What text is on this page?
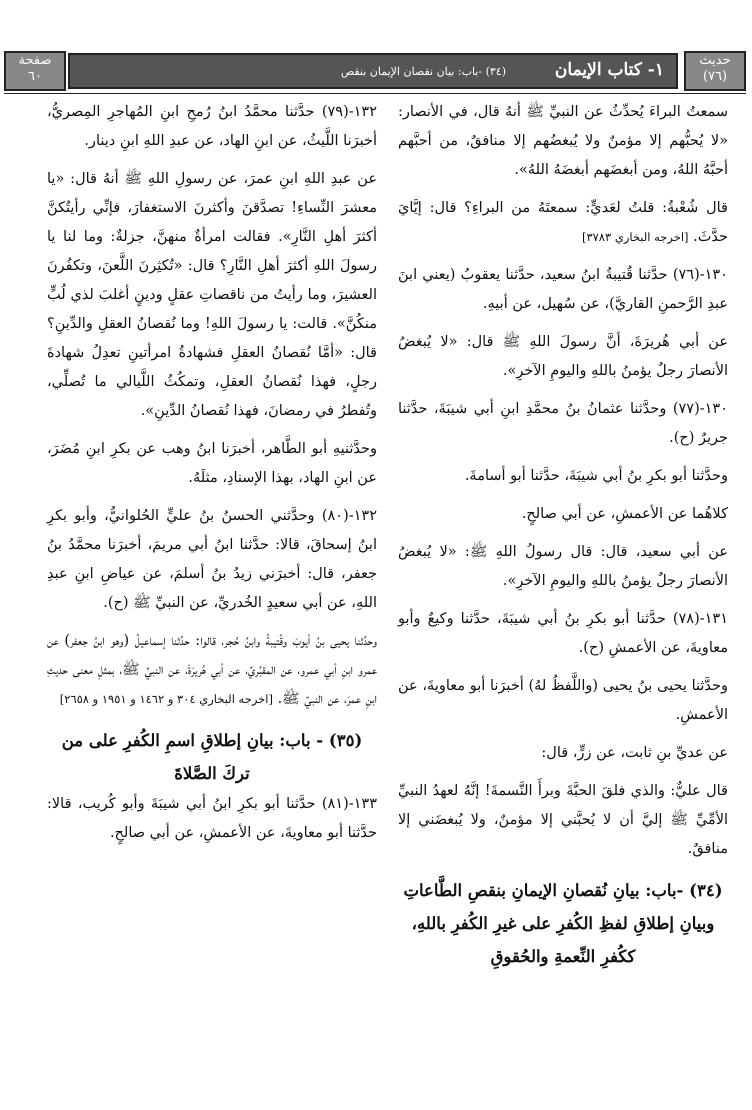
حديث
(٧٦)
١- كتاب الإيمان
(٣٤) -باب: بيان نقصان الإيمان بنقص
صفحة
٦٠

سمعتُ البراءَ يُحدِّثُ عن النبيِّ ﷺ أنهُ قال، في الأنصار: «لا يُحبُّهم إلا مؤمنٌ ولا يُبغضُهم إلا منافقٌ، من أحبَّهم أحبَّهُ اللهُ، ومن أبغضَهم أبغضَهُ اللهُ».

قال شُعْبةُ: قلتُ لعَديٍّ: سمعتَهُ من البراءِ؟ قال: إيَّايَ حدَّثَ. [اخرجه البخاري ٣٧٨٣]

١٣٠-(٧٦) حدَّثنا قُتيبةُ ابنُ سعيد، حدَّثنا يعقوبُ (يعني ابنَ عبدِ الرَّحمنِ القاريَّ)، عن سُهيل، عن أبيهِ.

عن أبي هُريرَةَ، أنَّ رسولَ اللهِ ﷺ قال: «لا يُبغضُ الأنصارَ رجلٌ يؤمنُ باللهِ واليومِ الآخرِ».

١٣٠-(٧٧) وحدَّثنا عثمانُ بنُ محمَّدِ ابنِ أبي شيبَةَ، حدَّثنا جريرٌ (ح).

وحدَّثنا أبو بكرِ بنُ أبي شيبَةَ، حدَّثنا أبو أسامةَ.

كلاهُما عن الأعمشِ، عن أبي صالحٍ.

عن أبي سعيد، قال: قال رسولُ اللهِ ﷺ: «لا يُبغضُ الأنصارَ رجلٌ يؤمنُ باللهِ واليومِ الآخرِ».

١٣١-(٧٨) حدَّثنا أبو بكرِ بنُ أبي شيبَةَ، حدَّثنا وكيعٌ وأبو معاويةَ، عن الأعمشِ (ح).

وحدَّثنا يحيى بنُ يحيى (واللَّفظُ لهُ) أخبرَنا أبو معاويةَ، عن الأعمشِ.

عن عديِّ بنِ ثابت، عن زرٍّ، قال:

قال عليٌّ: والذي فلقَ الحبَّةَ وبرأَ النَّسمةَ! إنَّهُ لعهدُ النبيِّ الأمِّيِّ ﷺ إليَّ أن لا يُحبَّني إلا مؤمنٌ، ولا يُبغضَني إلا منافقٌ.

(٣٤) -باب: بيانِ نُقصانِ الإيمانِ بنقصِ الطَّاعاتِ وبيانِ إطلاقِ لفظِ الكُفرِ على غيرِ الكُفرِ باللهِ، ككُفرِ النِّعمةِ والحُقوقِ

١٣٢-(٧٩) حدَّثنا محمَّدُ ابنُ رُمحِ ابنِ المُهاجرِ المِصريُّ، أخبرَنا اللَّيثُ، عن ابنِ الهاد، عن عبدِ اللهِ ابنِ دينار.

عن عبدِ اللهِ ابنِ عمرَ، عن رسولِ اللهِ ﷺ أنهُ قال: «يا معشرَ النِّساءِ! تصدَّقنَ وأكثرنَ الاستغفارَ، فإنِّي رأيتُكنَّ أكثرَ أهلِ النَّارِ». فقالت امرأةٌ منهنَّ، جزلةٌ: وما لنا يا رسولَ اللهِ أكثرَ أهلِ النَّارِ؟ قال: «تُكثِرنَ اللَّعنَ، وتكفُرنَ العشيرَ، وما رأيتُ من ناقصاتِ عقلٍ ودينٍ أغلبَ لذي لُبٍّ منكُنَّ». قالت: يا رسولَ اللهِ! وما نُقصانُ العقلِ والدِّينِ؟ قال: «أمَّا نُقصانُ العقلِ فشهادةُ امرأتينِ تعدِلُ شهادةَ رجلٍ، فهذا نُقصانُ العقلِ، وتمكُثُ اللَّيالي ما تُصلِّي، وتُفطرُ في رمضانَ، فهذا نُقصانُ الدِّينِ».

وحدَّثنيهِ أبو الطَّاهر، أخبرَنا ابنُ وهب عن بكرِ ابنِ مُضَرَ، عن ابنِ الهاد، بهذا الإسنادِ، مثلَهُ.

١٣٢-(٨٠) وحدَّثني الحسنُ بنُ عليٍّ الحُلوانيُّ، وأبو بكرِ ابنُ إسحاقَ، قالا: حدَّثنا ابنُ أبي مريمَ، أخبرَنا محمَّدُ بنُ جعفر، قال: أخبرَني زيدُ بنُ أسلمَ، عن عياضِ ابنِ عبدِ اللهِ، عن أبي سعيدٍ الخُدريِّ، عن النبيِّ ﷺ (ح).

وحدَّثنا يحيى بنُ أيوبَ وقُتيبةُ وابنُ حُجر، قالوا: حدَّثنا إسماعيلُ (وهو ابنُ جعفر) عن عمرو ابنِ أبي عمرو، عن المقبُريِّ، عن أبي هُريرَةَ، عن النبيِّ ﷺ، بمثلِ معنى حديثِ ابنِ عمرَ، عن النبيِّ ﷺ. [اخرجه البخاري ٣٠٤ و ١٤٦٢ و ١٩٥١ و ٢٦٥٨]

(٣٥) - باب: بيانِ إطلاقِ اسمِ الكُفرِ على من تركَ الصَّلاةَ

١٣٣-(٨١) حدَّثنا أبو بكرِ ابنُ أبي شيبَةَ وأبو كُريب، قالا: حدَّثنا أبو معاويةَ، عن الأعمشِ، عن أبي صالحٍ.
